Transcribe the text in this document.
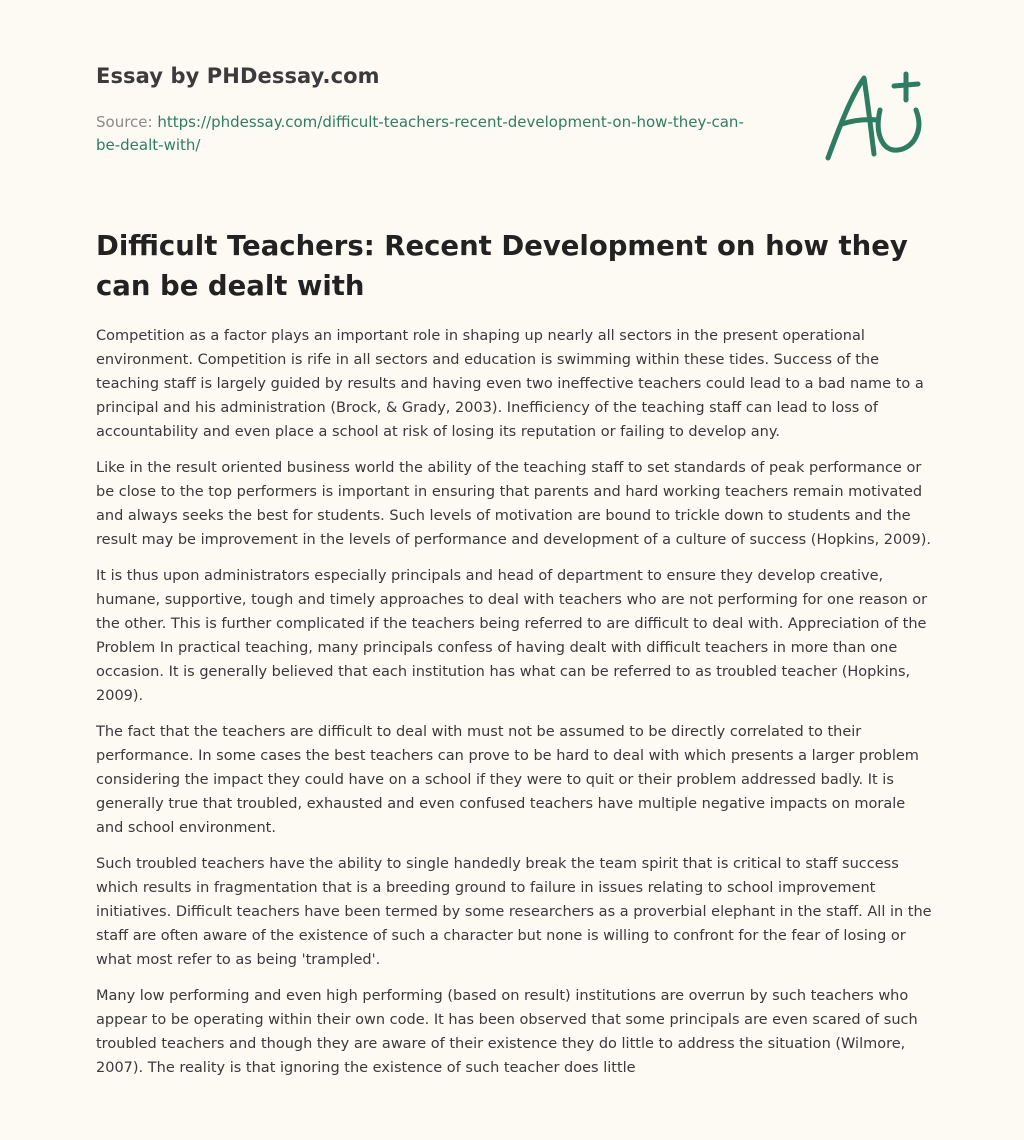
Essay by PHDessay.com
Source: https://phdessay.com/difficult-teachers-recent-development-on-how-they-can-be-dealt-with/
Difficult Teachers: Recent Development on how they can be dealt with

Competition as a factor plays an important role in shaping up nearly all sectors in the present operational environment. Competition is rife in all sectors and education is swimming within these tides. Success of the teaching staff is largely guided by results and having even two ineffective teachers could lead to a bad name to a principal and his administration (Brock, & Grady, 2003). Inefficiency of the teaching staff can lead to loss of accountability and even place a school at risk of losing its reputation or failing to develop any.

Like in the result oriented business world the ability of the teaching staff to set standards of peak performance or be close to the top performers is important in ensuring that parents and hard working teachers remain motivated and always seeks the best for students. Such levels of motivation are bound to trickle down to students and the result may be improvement in the levels of performance and development of a culture of success (Hopkins, 2009).

It is thus upon administrators especially principals and head of department to ensure they develop creative, humane, supportive, tough and timely approaches to deal with teachers who are not performing for one reason or the other. This is further complicated if the teachers being referred to are difficult to deal with. Appreciation of the Problem In practical teaching, many principals confess of having dealt with difficult teachers in more than one occasion. It is generally believed that each institution has what can be referred to as troubled teacher (Hopkins, 2009).

The fact that the teachers are difficult to deal with must not be assumed to be directly correlated to their performance. In some cases the best teachers can prove to be hard to deal with which presents a larger problem considering the impact they could have on a school if they were to quit or their problem addressed badly. It is generally true that troubled, exhausted and even confused teachers have multiple negative impacts on morale and school environment.

Such troubled teachers have the ability to single handedly break the team spirit that is critical to staff success which results in fragmentation that is a breeding ground to failure in issues relating to school improvement initiatives. Difficult teachers have been termed by some researchers as a proverbial elephant in the staff. All in the staff are often aware of the existence of such a character but none is willing to confront for the fear of losing or what most refer to as being 'trampled'.

Many low performing and even high performing (based on result) institutions are overrun by such teachers who appear to be operating within their own code. It has been observed that some principals are even scared of such troubled teachers and though they are aware of their existence they do little to address the situation (Wilmore, 2007). The reality is that ignoring the existence of such teacher does little
